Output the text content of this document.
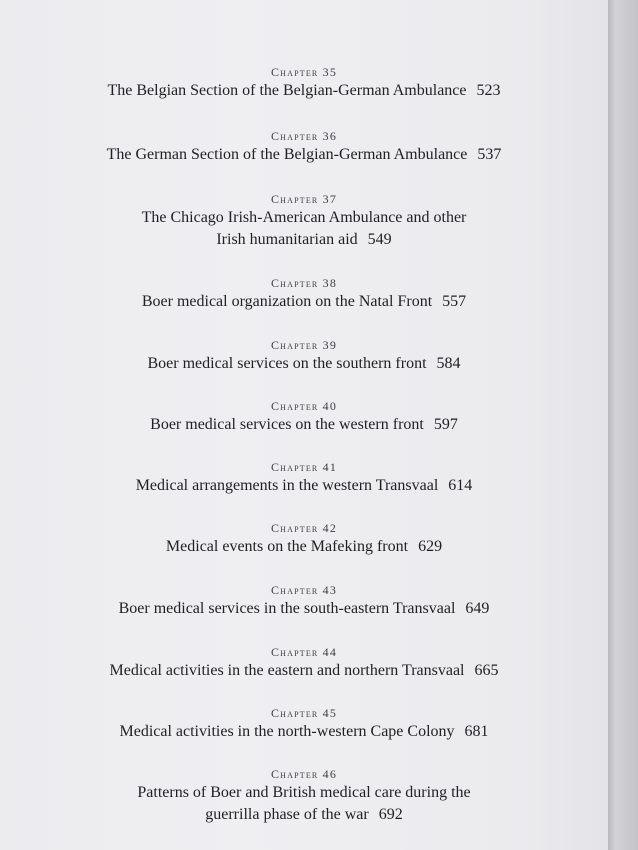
Chapter 35
The Belgian Section of the Belgian-German Ambulance 523
Chapter 36
The German Section of the Belgian-German Ambulance 537
Chapter 37
The Chicago Irish-American Ambulance and other
Irish humanitarian aid 549
Chapter 38
Boer medical organization on the Natal Front 557
Chapter 39
Boer medical services on the southern front 584
Chapter 40
Boer medical services on the western front 597
Chapter 41
Medical arrangements in the western Transvaal 614
Chapter 42
Medical events on the Mafeking front 629
Chapter 43
Boer medical services in the south-eastern Transvaal 649
Chapter 44
Medical activities in the eastern and northern Transvaal 665
Chapter 45
Medical activities in the north-western Cape Colony 681
Chapter 46
Patterns of Boer and British medical care during the
guerrilla phase of the war 692
